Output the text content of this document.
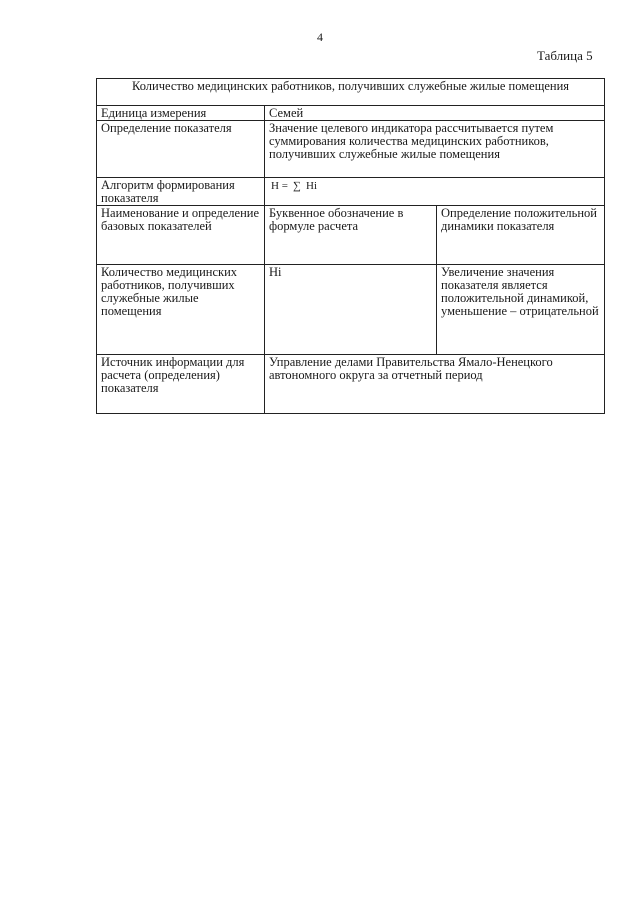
4
Таблица 5
Количество медицинских работников, получивших служебные жилые помещения		
Единица измерения	Семей	
Определение показателя	Значение целевого индикатора рассчитывается путем суммирования количества медицинских работников, получивших служебные жилые помещения	
Алгоритм формирования показателя	Н = ∑ Нi	
Наименование и определение базовых показателей	Буквенное обозначение в формуле расчета	Определение положительной динамики показателя
Количество медицинских работников, получивших служебные жилые помещения	Нi	Увеличение значения показателя является положительной динамикой, уменьшение – отрицательной
Источник информации для расчета (определения) показателя	Управление делами Правительства Ямало-Ненецкого автономного округа за отчетный период	
